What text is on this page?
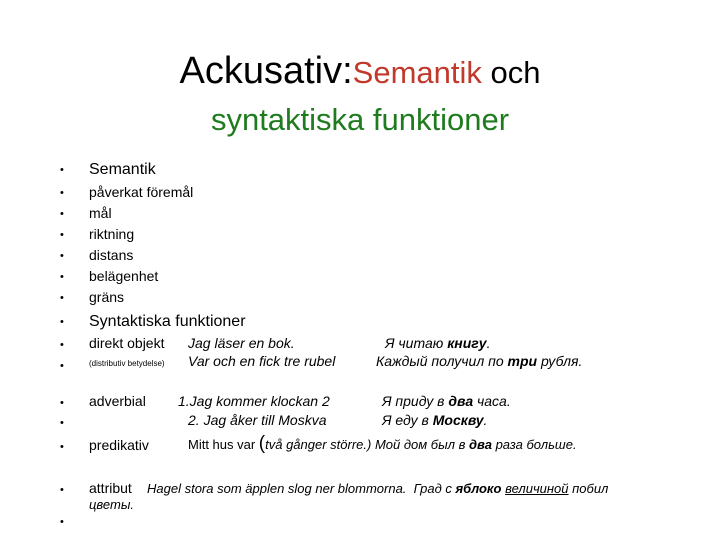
Ackusativ:Semantik och
syntaktiska funktioner
• Semantik
• påverkat föremål
• mål
• riktning
• distans
• belägenhet
• gräns
• Syntaktiska funktioner
• direkt objekt Jag läser en bok.	Я читаю книгу.
•	(distributiv betydelse) Var och en fick tre rubel	Каждый получил по три рубля.
• adverbial 1.Jag kommer klockan 2	Я приду в два часа.
•	2. Jag åker till Moskva	Я еду в Москву.
• predikativ	Mitt hus var (två gånger större.) Мой дом был в два раза больше.
• attribut Hagel stora som äpplen slog ner blommorna. Град с яблоко величиной побил
цветы.
•
